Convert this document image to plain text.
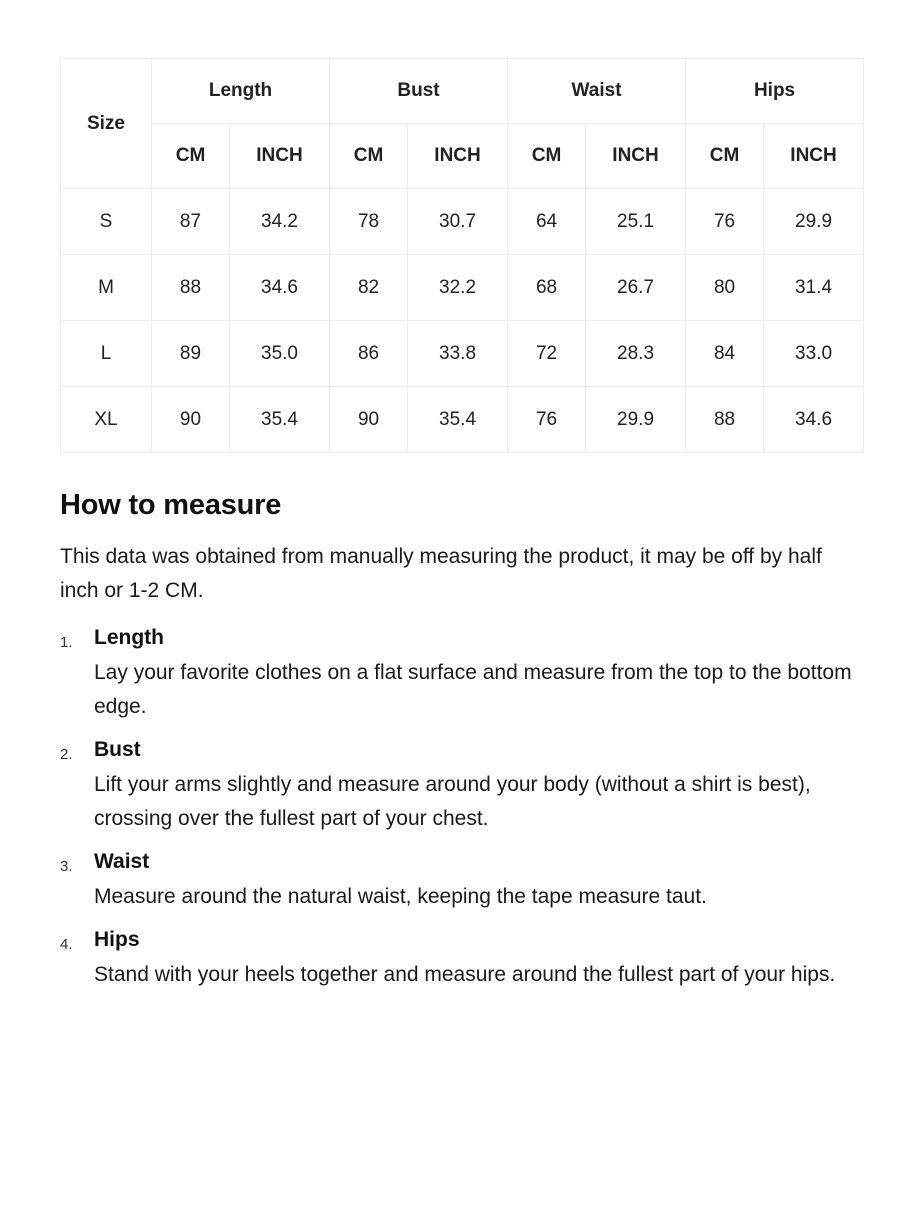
Size	Length		Bust		Waist		Hips	
	CM	INCH	CM	INCH	CM	INCH	CM	INCH
S	87	34.2	78	30.7	64	25.1	76	29.9
M	88	34.6	82	32.2	68	26.7	80	31.4
L	89	35.0	86	33.8	72	28.3	84	33.0
XL	90	35.4	90	35.4	76	29.9	88	34.6
How to measure

This data was obtained from manually measuring the product, it may be off by half inch or 1-2 CM.

Length
Lay your favorite clothes on a flat surface and measure from the top to the bottom edge.
Bust
Lift your arms slightly and measure around your body (without a shirt is best), crossing over the fullest part of your chest.
Waist
Measure around the natural waist, keeping the tape measure taut.
Hips
Stand with your heels together and measure around the fullest part of your hips.
